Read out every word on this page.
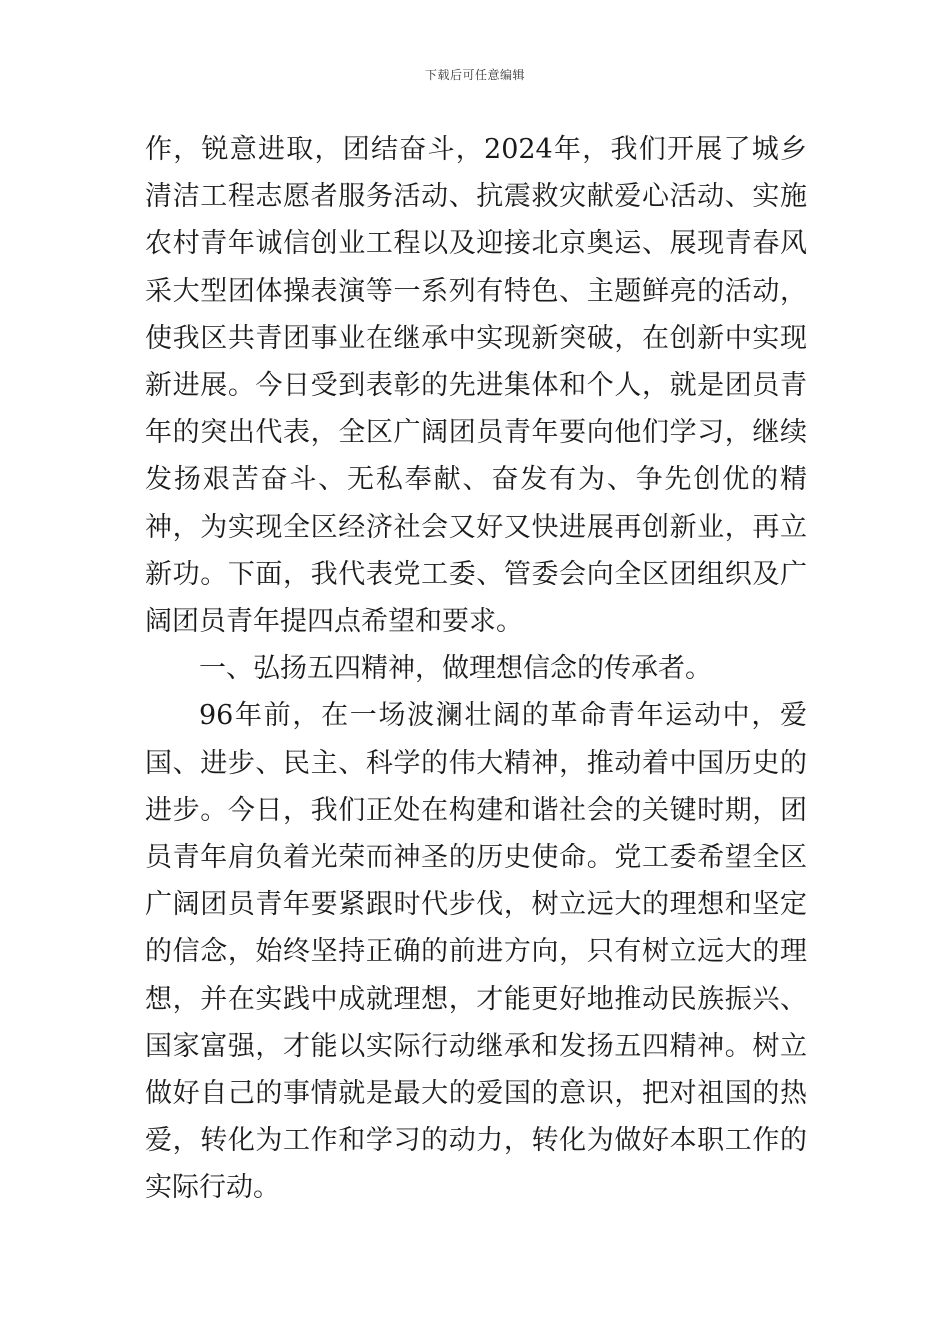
下载后可任意编辑

作，锐意进取，团结奋斗，2024年，我们开展了城乡清洁工程志愿者服务活动、抗震救灾献爱心活动、实施农村青年诚信创业工程以及迎接北京奥运、展现青春风采大型团体操表演等一系列有特色、主题鲜亮的活动，使我区共青团事业在继承中实现新突破，在创新中实现新进展。今日受到表彰的先进集体和个人，就是团员青年的突出代表，全区广阔团员青年要向他们学习，继续发扬艰苦奋斗、无私奉献、奋发有为、争先创优的精神，为实现全区经济社会又好又快进展再创新业，再立新功。下面，我代表党工委、管委会向全区团组织及广阔团员青年提四点希望和要求。

一、弘扬五四精神，做理想信念的传承者。

96年前，在一场波澜壮阔的革命青年运动中，爱国、进步、民主、科学的伟大精神，推动着中国历史的进步。今日，我们正处在构建和谐社会的关键时期，团员青年肩负着光荣而神圣的历史使命。党工委希望全区广阔团员青年要紧跟时代步伐，树立远大的理想和坚定的信念，始终坚持正确的前进方向，只有树立远大的理想，并在实践中成就理想，才能更好地推动民族振兴、国家富强，才能以实际行动继承和发扬五四精神。树立做好自己的事情就是最大的爱国的意识，把对祖国的热爱，转化为工作和学习的动力，转化为做好本职工作的实际行动。
